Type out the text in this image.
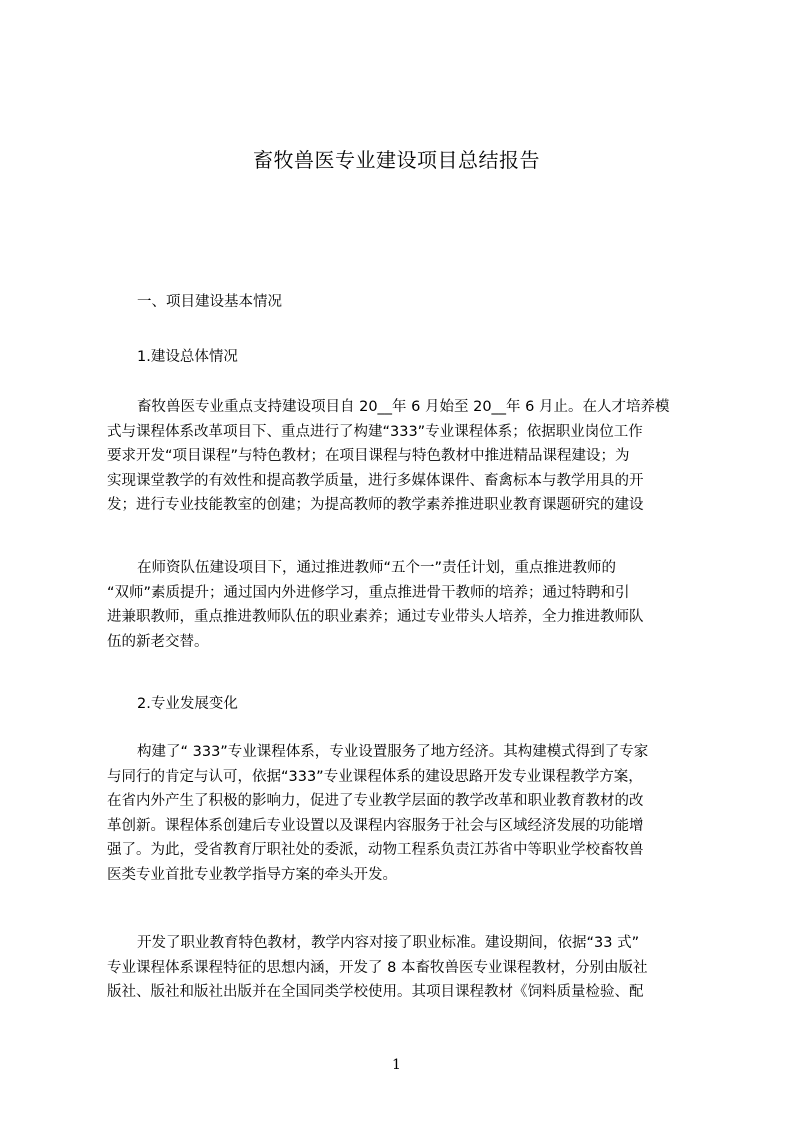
畜牧兽医专业建设项目总结报告
一、项目建设基本情况
1.建设总体情况
畜牧兽医专业重点支持建设项目自 20__年 6 月始至 20__年 6 月止。在人才培养模
式与课程体系改革项目下、重点进行了构建“333”专业课程体系；依据职业岗位工作
要求开发“项目课程”与特色教材；在项目课程与特色教材中推进精品课程建设；为
实现课堂教学的有效性和提高教学质量，进行多媒体课件、畜禽标本与教学用具的开
发；进行专业技能教室的创建；为提高教师的教学素养推进职业教育课题研究的建设
在师资队伍建设项目下，通过推进教师“五个一”责任计划，重点推进教师的
“双师”素质提升；通过国内外进修学习，重点推进骨干教师的培养；通过特聘和引
进兼职教师，重点推进教师队伍的职业素养；通过专业带头人培养，全力推进教师队
伍的新老交替。
2.专业发展变化
构建了“ 333”专业课程体系，专业设置服务了地方经济。其构建模式得到了专家
与同行的肯定与认可，依据“333”专业课程体系的建设思路开发专业课程教学方案，
在省内外产生了积极的影响力，促进了专业教学层面的教学改革和职业教育教材的改
革创新。课程体系创建后专业设置以及课程内容服务于社会与区域经济发展的功能增
强了。为此，受省教育厅职社处的委派，动物工程系负责江苏省中等职业学校畜牧兽
医类专业首批专业教学指导方案的牵头开发。
开发了职业教育特色教材，教学内容对接了职业标准。建设期间，依据“33 式”
专业课程体系课程特征的思想内涵，开发了 8 本畜牧兽医专业课程教材，分别由版社
版社、版社和版社出版并在全国同类学校使用。其项目课程教材《饲料质量检验、配
1
